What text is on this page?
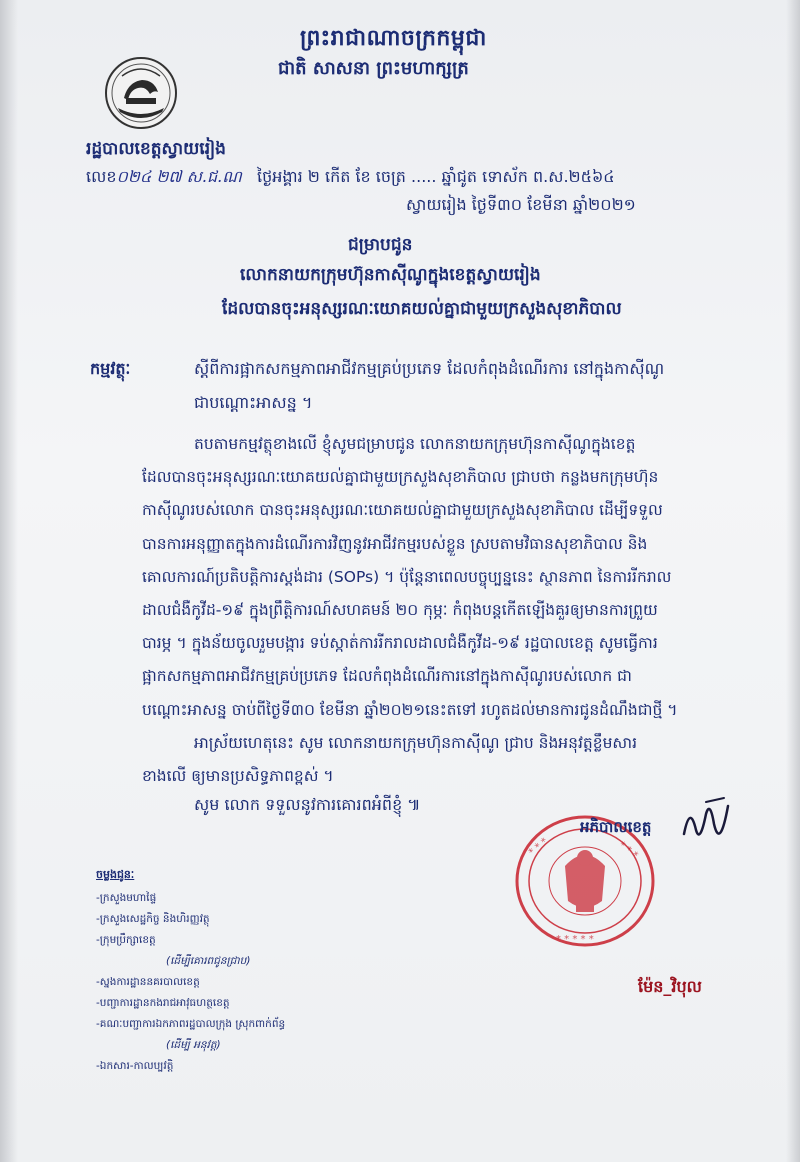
ព្រះរាជាណាចក្រកម្ពុជា
ជាតិ សាសនា ព្រះមហាក្សត្រ
រដ្ឋបាលខេត្តស្វាយរៀង
លេខ០២៤ ២៧ ស.ជ.ណ ថ្ងៃអង្គារ ២ កើត ខែ ចេត្រ ..... ឆ្នាំជូត ទោស័ក ព.ស.២៥៦៤
ស្វាយរៀង ថ្ងៃទី៣០ ខែមីនា ឆ្នាំ២០២១
ជម្រាបជូន
លោកនាយកក្រុមហ៊ុនកាស៊ីណូក្នុងខេត្តស្វាយរៀង
ដែលបានចុះអនុស្សរណៈយោគយល់គ្នាជាមួយក្រសួងសុខាភិបាល
កម្មវត្ថុៈ	ស្តីពីការផ្អាកសកម្មភាពអាជីវកម្មគ្រប់ប្រភេទ ដែលកំពុងដំណើរការ នៅក្នុងកាស៊ីណូ
ជាបណ្តោះអាសន្ន ។

តបតាមកម្មវត្ថុខាងលើ ខ្ញុំសូមជម្រាបជូន លោកនាយកក្រុមហ៊ុនកាស៊ីណូក្នុងខេត្ត

ដែលបានចុះអនុស្សរណៈយោគយល់គ្នាជាមួយក្រសួងសុខាភិបាល ជ្រាបថា កន្លងមកក្រុមហ៊ុន

កាស៊ីណូរបស់លោក បានចុះអនុស្សរណៈយោគយល់គ្នាជាមួយក្រសួងសុខាភិបាល ដើម្បីទទួល

បានការអនុញ្ញាតក្នុងការដំណើរការវិញនូវអាជីវកម្មរបស់ខ្លួន ស្របតាមវិធានសុខាភិបាល និង

គោលការណ៍ប្រតិបត្តិការស្តង់ដារ (SOPs) ។ ប៉ុន្តែនាពេលបច្ចុប្បន្ននេះ ស្ថានភាព នៃការរីករាល

ដាលជំងឺកូវីដ-១៩ ក្នុងព្រឹត្តិការណ៍សហគមន៍ ២០ កុម្ភៈ កំពុងបន្តកើតឡើងគួរឲ្យមានការព្រួយ

បារម្ភ ។ ក្នុងន័យចូលរួមបង្ការ ទប់ស្កាត់ការរីករាលដាលជំងឺកូវីដ-១៩ រដ្ឋបាលខេត្ត សូមធ្វើការ

ផ្អាកសកម្មភាពអាជីវកម្មគ្រប់ប្រភេទ ដែលកំពុងដំណើរការនៅក្នុងកាស៊ីណូរបស់លោក ជា

បណ្តោះអាសន្ន ចាប់ពីថ្ងៃទី៣០ ខែមីនា ឆ្នាំ២០២១នេះតទៅ រហូតដល់មានការជូនដំណឹងជាថ្មី ។

អាស្រ័យហេតុនេះ សូម លោកនាយកក្រុមហ៊ុនកាស៊ីណូ ជ្រាប និងអនុវត្តខ្លឹមសារ

ខាងលើ ឲ្យមានប្រសិទ្ធភាពខ្ពស់ ។

សូម លោក ទទួលនូវការគោរពអំពីខ្ញុំ ៕
* * *	* * *
* * * * *
អភិបាលខេត្ត
ម៉ែន_វិបុល
ចម្លងជូនៈ
-ក្រសួងមហាផ្ទៃ
-ក្រសួងសេដ្ឋកិច្ច និងហិរញ្ញវត្ថុ
-ក្រុមប្រឹក្សាខេត្ត
(ដើម្បីគោរពជូនជ្រាប)
-ស្នងការដ្ឋាននគរបាលខេត្ត
-បញ្ជាការដ្ឋានកងរាជអាវុធហត្ថខេត្ត
-គណៈបញ្ជាការឯកភាពរដ្ឋបាលក្រុង ស្រុកពាក់ព័ន្ធ
(ដើម្បី អនុវត្ត)
-ឯកសារ-កាលប្បវត្តិ
